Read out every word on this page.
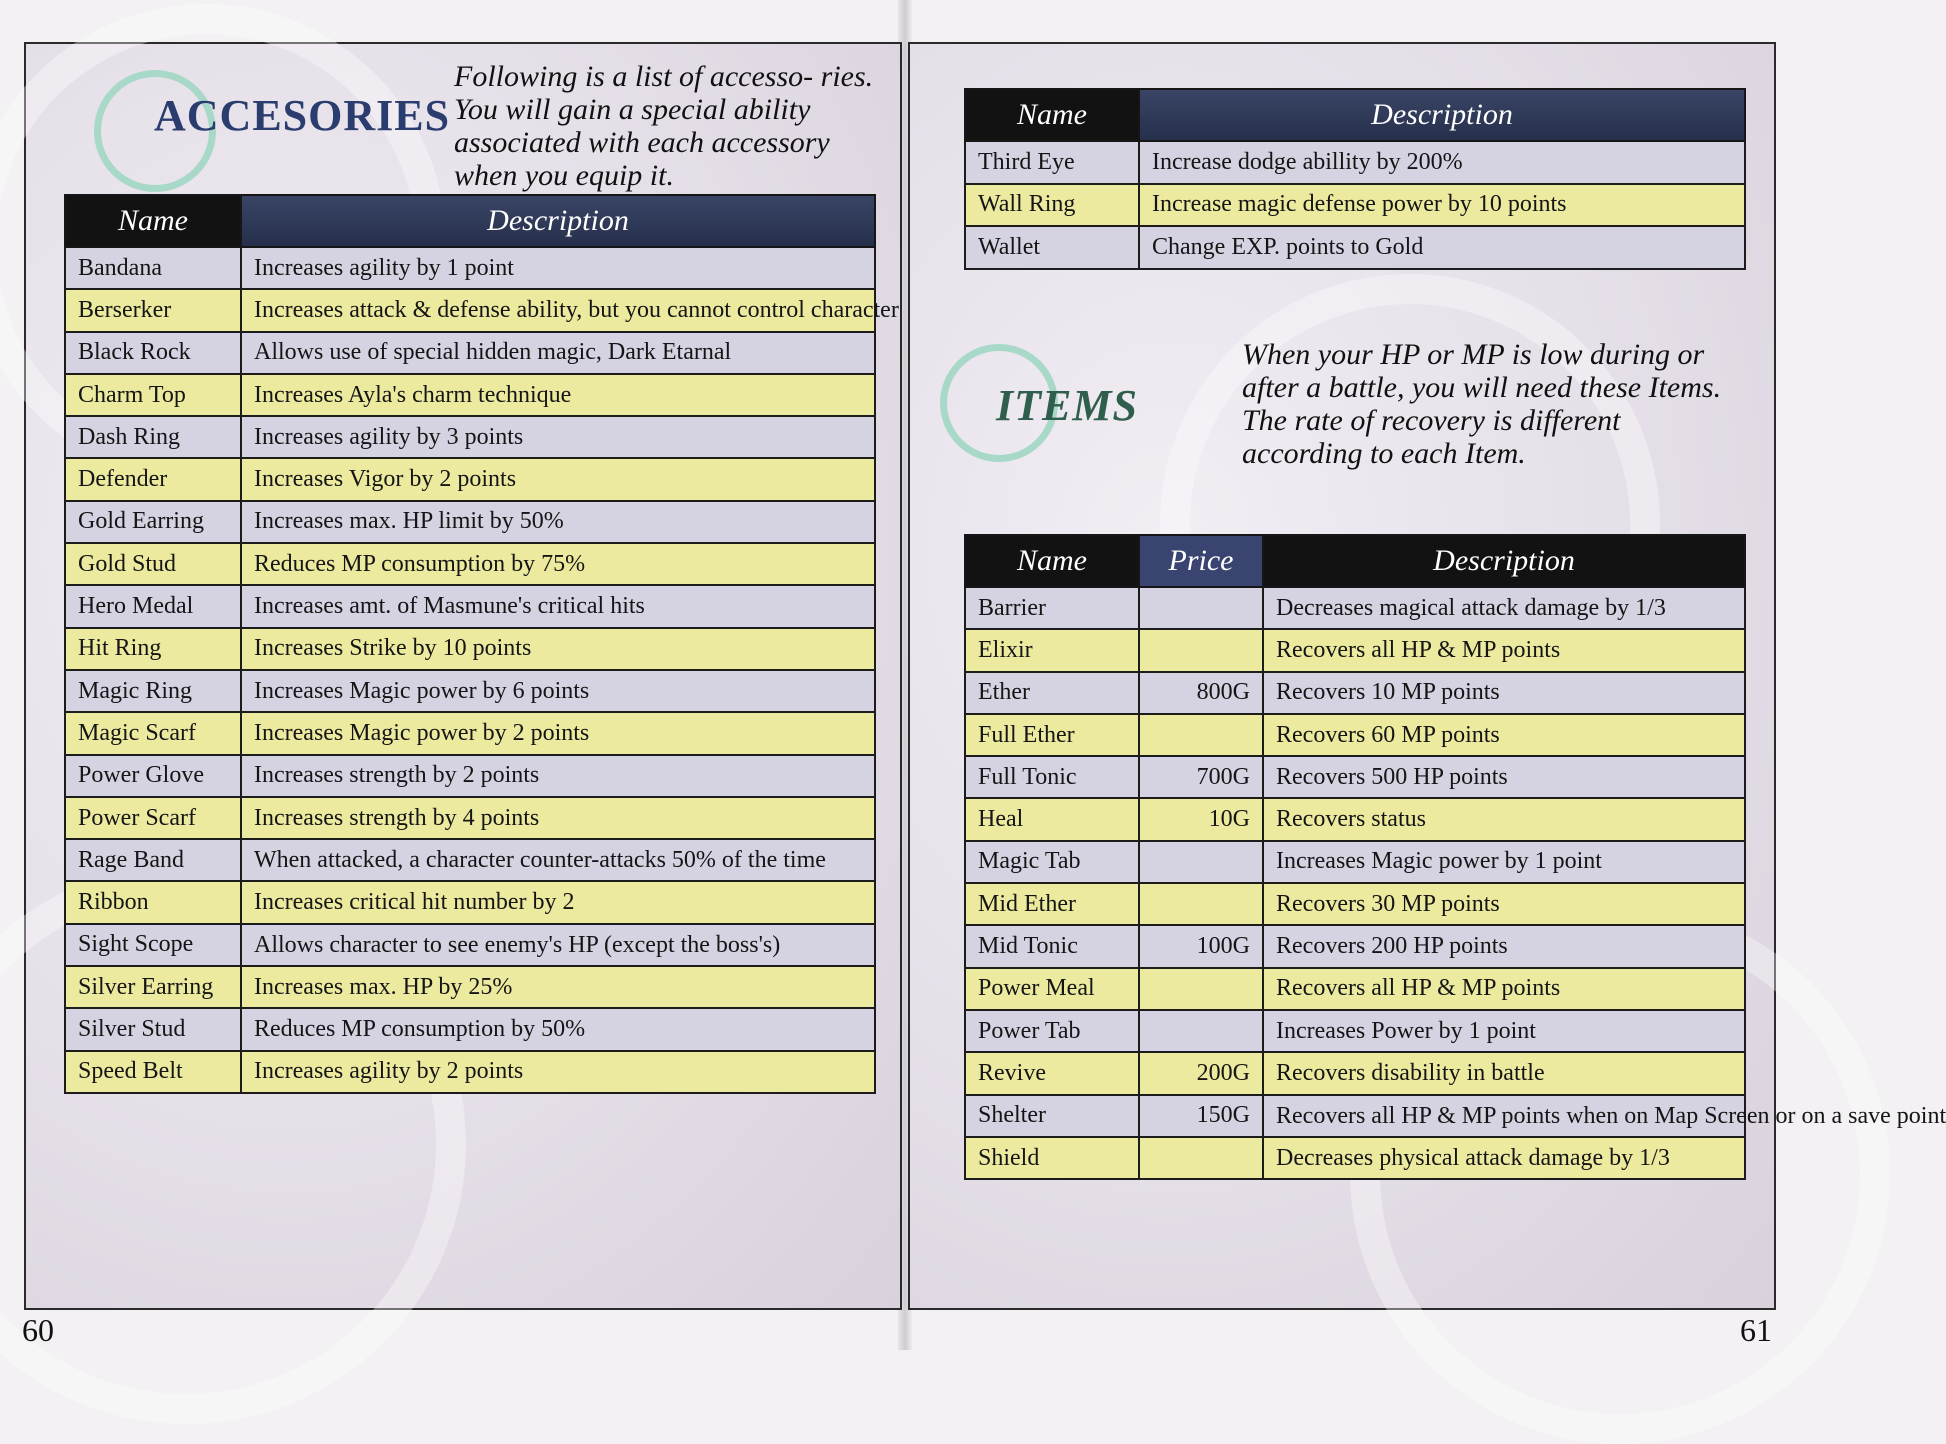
ACCESORIES
Following is a list of accesso- ries. You will gain a special ability associated with each accessory when you equip it.
Name	Description
Bandana	Increases agility by 1 point
Berserker	Increases attack & defense ability, but you cannot control character
Black Rock	Allows use of special hidden magic, Dark Etarnal
Charm Top	Increases Ayla's charm technique
Dash Ring	Increases agility by 3 points
Defender	Increases Vigor by 2 points
Gold Earring	Increases max. HP limit by 50%
Gold Stud	Reduces MP consumption by 75%
Hero Medal	Increases amt. of Masmune's critical hits
Hit Ring	Increases Strike by 10 points
Magic Ring	Increases Magic power by 6 points
Magic Scarf	Increases Magic power by 2 points
Power Glove	Increases strength by 2 points
Power Scarf	Increases strength by 4 points
Rage Band	When attacked, a character counter-attacks 50% of the time
Ribbon	Increases critical hit number by 2
Sight Scope	Allows character to see enemy's HP (except the boss's)
Silver Earring	Increases max. HP by 25%
Silver Stud	Reduces MP consumption by 50%
Speed Belt	Increases agility by 2 points
60
Name	Description
Third Eye	Increase dodge abillity by 200%
Wall Ring	Increase magic defense power by 10 points
Wallet	Change EXP. points to Gold
ITEMS
When your HP or MP is low during or after a battle, you will need these Items. The rate of recovery is different according to each Item.
Name	Price	Description
Barrier		Decreases magical attack damage by 1/3
Elixir		Recovers all HP & MP points
Ether	800G	Recovers 10 MP points
Full Ether		Recovers 60 MP points
Full Tonic	700G	Recovers 500 HP points
Heal	10G	Recovers status
Magic Tab		Increases Magic power by 1 point
Mid Ether		Recovers 30 MP points
Mid Tonic	100G	Recovers 200 HP points
Power Meal		Recovers all HP & MP points
Power Tab		Increases Power by 1 point
Revive	200G	Recovers disability in battle
Shelter	150G	Recovers all HP & MP points when on Map Screen or on a save point
Shield		Decreases physical attack damage by 1/3
61
